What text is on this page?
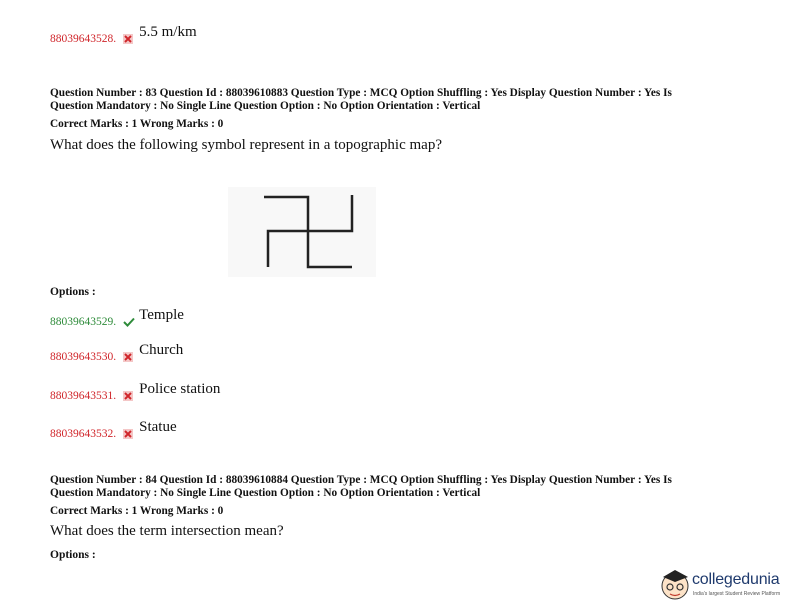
88039643528. 5.5 m/km
Question Number : 83 Question Id : 88039610883 Question Type : MCQ Option Shuffling : Yes Display Question Number : Yes Is
Question Mandatory : No Single Line Question Option : No Option Orientation : Vertical
Correct Marks : 1 Wrong Marks : 0
What does the following symbol represent in a topographic map?
Options :
88039643529. Temple
88039643530. Church
88039643531. Police station
88039643532. Statue
Question Number : 84 Question Id : 88039610884 Question Type : MCQ Option Shuffling : Yes Display Question Number : Yes Is
Question Mandatory : No Single Line Question Option : No Option Orientation : Vertical
Correct Marks : 1 Wrong Marks : 0
What does the term intersection mean?
Options :
collegedunia
India's largest Student Review Platform
